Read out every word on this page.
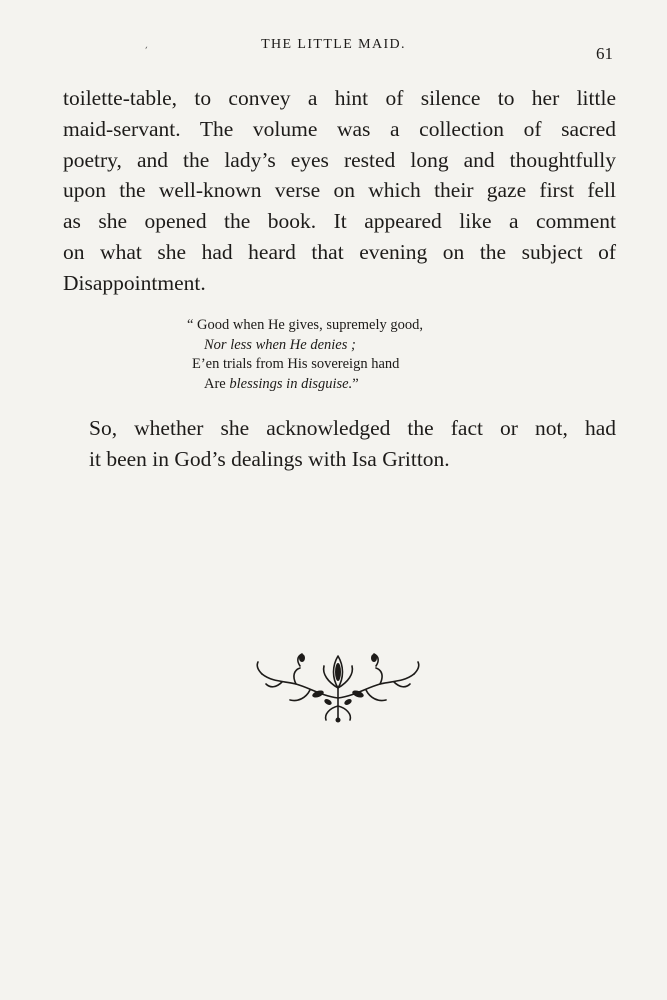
´	THE LITTLE MAID.	61

toilette-table, to convey a hint of silence to her little
maid-servant. The volume was a collection of sacred
poetry, and the lady’s eyes rested long and thoughtfully
upon the well-known verse on which their gaze first fell
as she opened the book. It appeared like a comment
on what she had heard that evening on the subject of
Disappointment.

“ Good when He gives, supremely good,
Nor less when He denies ;
E’en trials from His sovereign hand
Are blessings in disguise.”

So, whether she acknowledged the fact or not, had
it been in God’s dealings with Isa Gritton.
